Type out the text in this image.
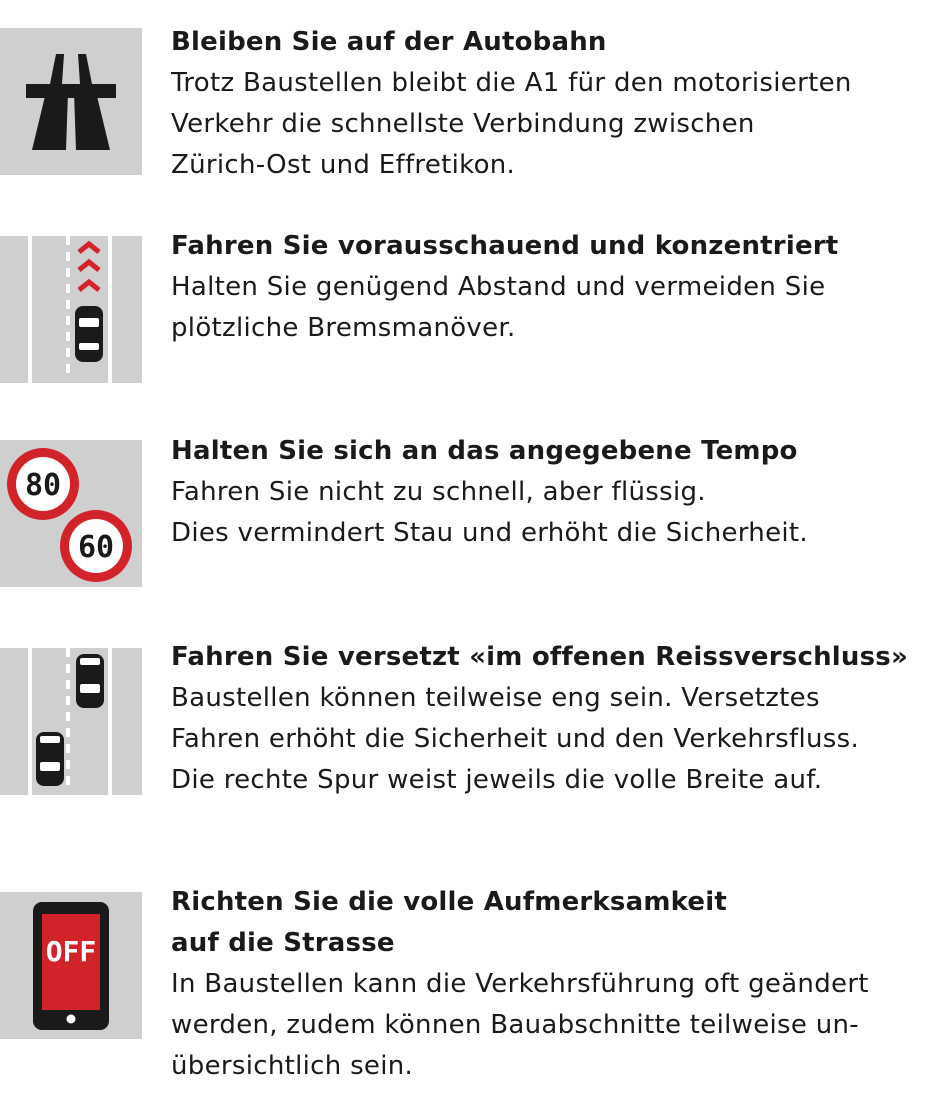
Bleiben Sie auf der Autobahn

Trotz Baustellen bleibt die A1 für den motorisierten
Verkehr die schnellste Verbindung zwischen
Zürich-Ost und Effretikon.

Fahren Sie vorausschauend und konzentriert

Halten Sie genügend Abstand und vermeiden Sie
plötzliche Bremsmanöver.

80
60

Halten Sie sich an das angegebene Tempo

Fahren Sie nicht zu schnell, aber flüssig.
Dies vermindert Stau und erhöht die Sicherheit.

Fahren Sie versetzt «im offenen Reissverschluss»

Baustellen können teilweise eng sein. Versetztes
Fahren erhöht die Sicherheit und den Verkehrsfluss.
Die rechte Spur weist jeweils die volle Breite auf.

OFF

Richten Sie die volle Aufmerksamkeit
auf die Strasse

In Baustellen kann die Verkehrsführung oft geändert
werden, zudem können Bauabschnitte teilweise un-
übersichtlich sein.
